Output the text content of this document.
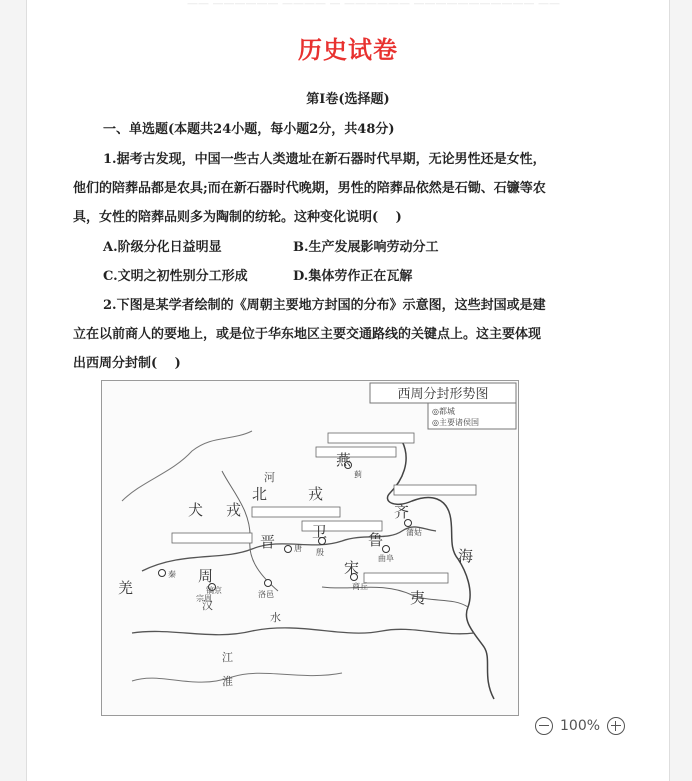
—— —————— ———— — —————— ——————————— ——
历史试卷
第Ⅰ卷(选择题)
一、单选题(本题共24小题，每小题2分，共48分)
1.据考古发现，中国一些古人类遗址在新石器时代早期，无论男性还是女性，
他们的陪葬品都是农具;而在新石器时代晚期，男性的陪葬品依然是石锄、石镰等农
具，女性的陪葬品则多为陶制的纺轮。这种变化说明(　 )
A.阶级分化日益明显	B.生产发展影响劳动分工
C.文明之初性别分工形成	D.集体劳作正在瓦解
2.下图是某学者绘制的《周朝主要地方封国的分布》示意图，这些封国或是建
立在以前商人的要地上，或是位于华东地区主要交通路线的关键点上。这主要体现
出西周分封制(　 )
西周分封形势图
◎都城
◎主要诸侯国
北	戎
犬 戎
羌
燕
齐
鲁
晋
卫
宋
周
夷
海
河
江
淮
水
汉
宗周
镐京	洛邑
曲阜
唐 殷
蒲姑
商丘
秦
蓟
100%
